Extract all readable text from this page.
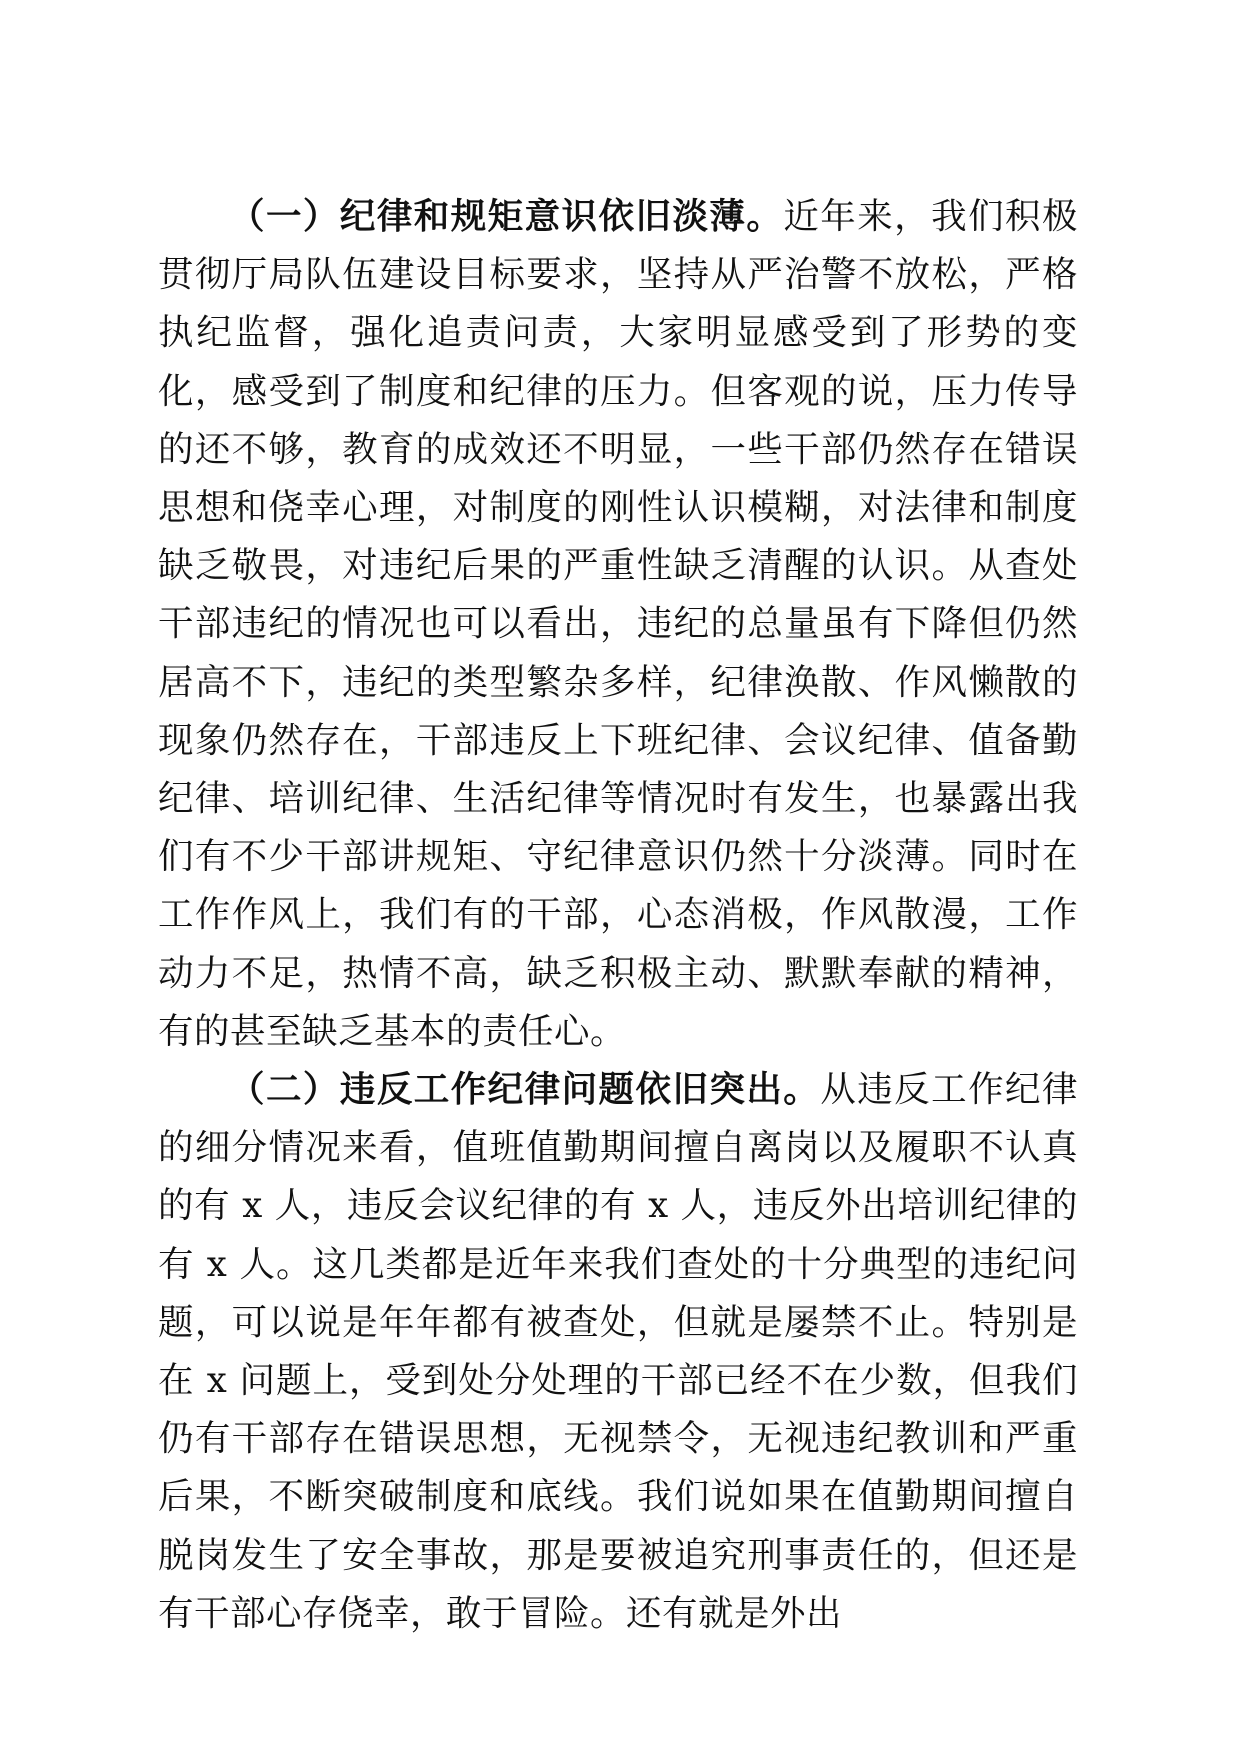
（一）纪律和规矩意识依旧淡薄。近年来，我们积极贯彻厅局队伍建设目标要求，坚持从严治警不放松，严格执纪监督，强化追责问责，大家明显感受到了形势的变化，感受到了制度和纪律的压力。但客观的说，压力传导的还不够，教育的成效还不明显，一些干部仍然存在错误思想和侥幸心理，对制度的刚性认识模糊，对法律和制度缺乏敬畏，对违纪后果的严重性缺乏清醒的认识。从查处干部违纪的情况也可以看出，违纪的总量虽有下降但仍然居高不下，违纪的类型繁杂多样，纪律涣散、作风懒散的现象仍然存在，干部违反上下班纪律、会议纪律、值备勤纪律、培训纪律、生活纪律等情况时有发生，也暴露出我们有不少干部讲规矩、守纪律意识仍然十分淡薄。同时在工作作风上，我们有的干部，心态消极，作风散漫，工作动力不足，热情不高，缺乏积极主动、默默奉献的精神，有的甚至缺乏基本的责任心。

（二）违反工作纪律问题依旧突出。从违反工作纪律的细分情况来看，值班值勤期间擅自离岗以及履职不认真的有 x 人，违反会议纪律的有 x 人，违反外出培训纪律的有 x 人。这几类都是近年来我们查处的十分典型的违纪问题，可以说是年年都有被查处，但就是屡禁不止。特别是在 x 问题上，受到处分处理的干部已经不在少数，但我们仍有干部存在错误思想，无视禁令，无视违纪教训和严重后果，不断突破制度和底线。我们说如果在值勤期间擅自脱岗发生了安全事故，那是要被追究刑事责任的，但还是有干部心存侥幸，敢于冒险。还有就是外出
